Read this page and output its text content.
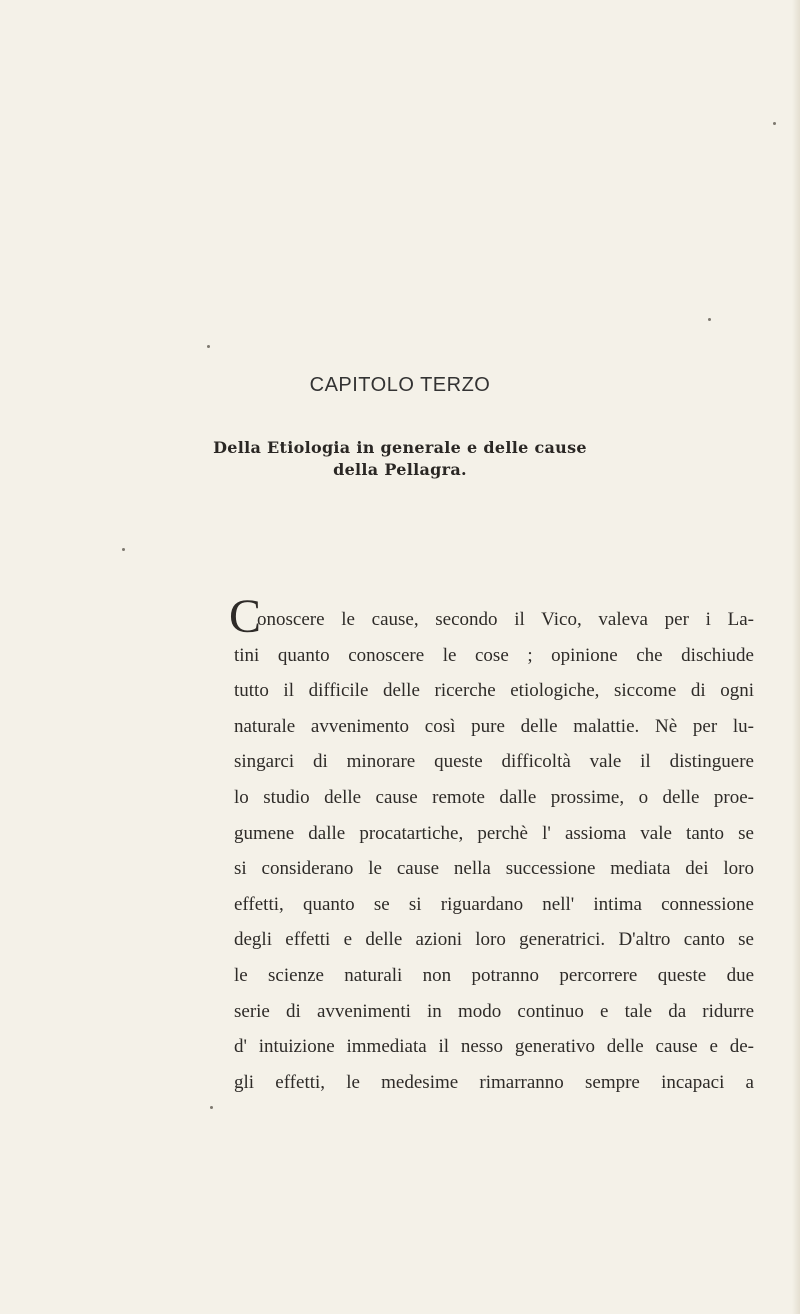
CAPITOLO TERZO
Della Etiologia in generale e delle cause
della Pellagra.
C
onoscere le cause, secondo il Vico, valeva per i La-
tini quanto conoscere le cose ; opinione che dischiude
tutto il difficile delle ricerche etiologiche, siccome di ogni
naturale avvenimento così pure delle malattie. Nè per lu-
singarci di minorare queste difficoltà vale il distinguere
lo studio delle cause remote dalle prossime, o delle proe-
gumene dalle procatartiche, perchè l' assioma vale tanto se
si considerano le cause nella successione mediata dei loro
effetti, quanto se si riguardano nell' intima connessione
degli effetti e delle azioni loro generatrici. D'altro canto se
le scienze naturali non potranno percorrere queste due
serie di avvenimenti in modo continuo e tale da ridurre
d' intuizione immediata il nesso generativo delle cause e de-
gli effetti, le medesime rimarranno sempre incapaci a
